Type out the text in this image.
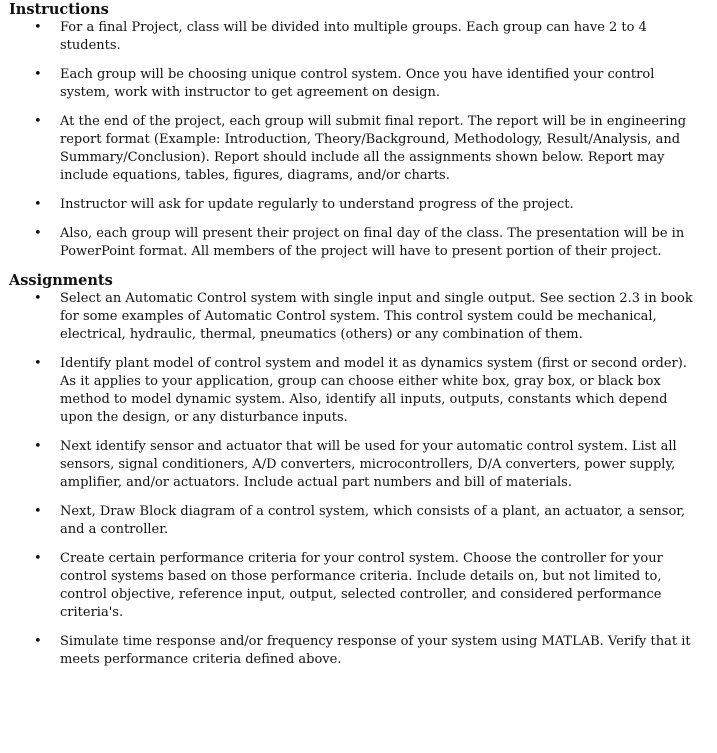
Instructions
• For a final Project, class will be divided into multiple groups. Each group can have 2 to 4 students.
• Each group will be choosing unique control system. Once you have identified your control system, work with instructor to get agreement on design.
• At the end of the project, each group will submit final report. The report will be in engineering report format (Example: Introduction, Theory/Background, Methodology, Result/Analysis, and Summary/Conclusion). Report should include all the assignments shown below. Report may include equations, tables, figures, diagrams, and/or charts.
• Instructor will ask for update regularly to understand progress of the project.
• Also, each group will present their project on final day of the class. The presentation will be in PowerPoint format. All members of the project will have to present portion of their project.
Assignments
• Select an Automatic Control system with single input and single output. See section 2.3 in book for some examples of Automatic Control system. This control system could be mechanical, electrical, hydraulic, thermal, pneumatics (others) or any combination of them.
• Identify plant model of control system and model it as dynamics system (first or second order). As it applies to your application, group can choose either white box, gray box, or black box method to model dynamic system. Also, identify all inputs, outputs, constants which depend upon the design, or any disturbance inputs.
• Next identify sensor and actuator that will be used for your automatic control system. List all sensors, signal conditioners, A/D converters, microcontrollers, D/A converters, power supply, amplifier, and/or actuators. Include actual part numbers and bill of materials.
• Next, Draw Block diagram of a control system, which consists of a plant, an actuator, a sensor, and a controller.
• Create certain performance criteria for your control system. Choose the controller for your control systems based on those performance criteria. Include details on, but not limited to, control objective, reference input, output, selected controller, and considered performance criteria's.
• Simulate time response and/or frequency response of your system using MATLAB. Verify that it meets performance criteria defined above.
